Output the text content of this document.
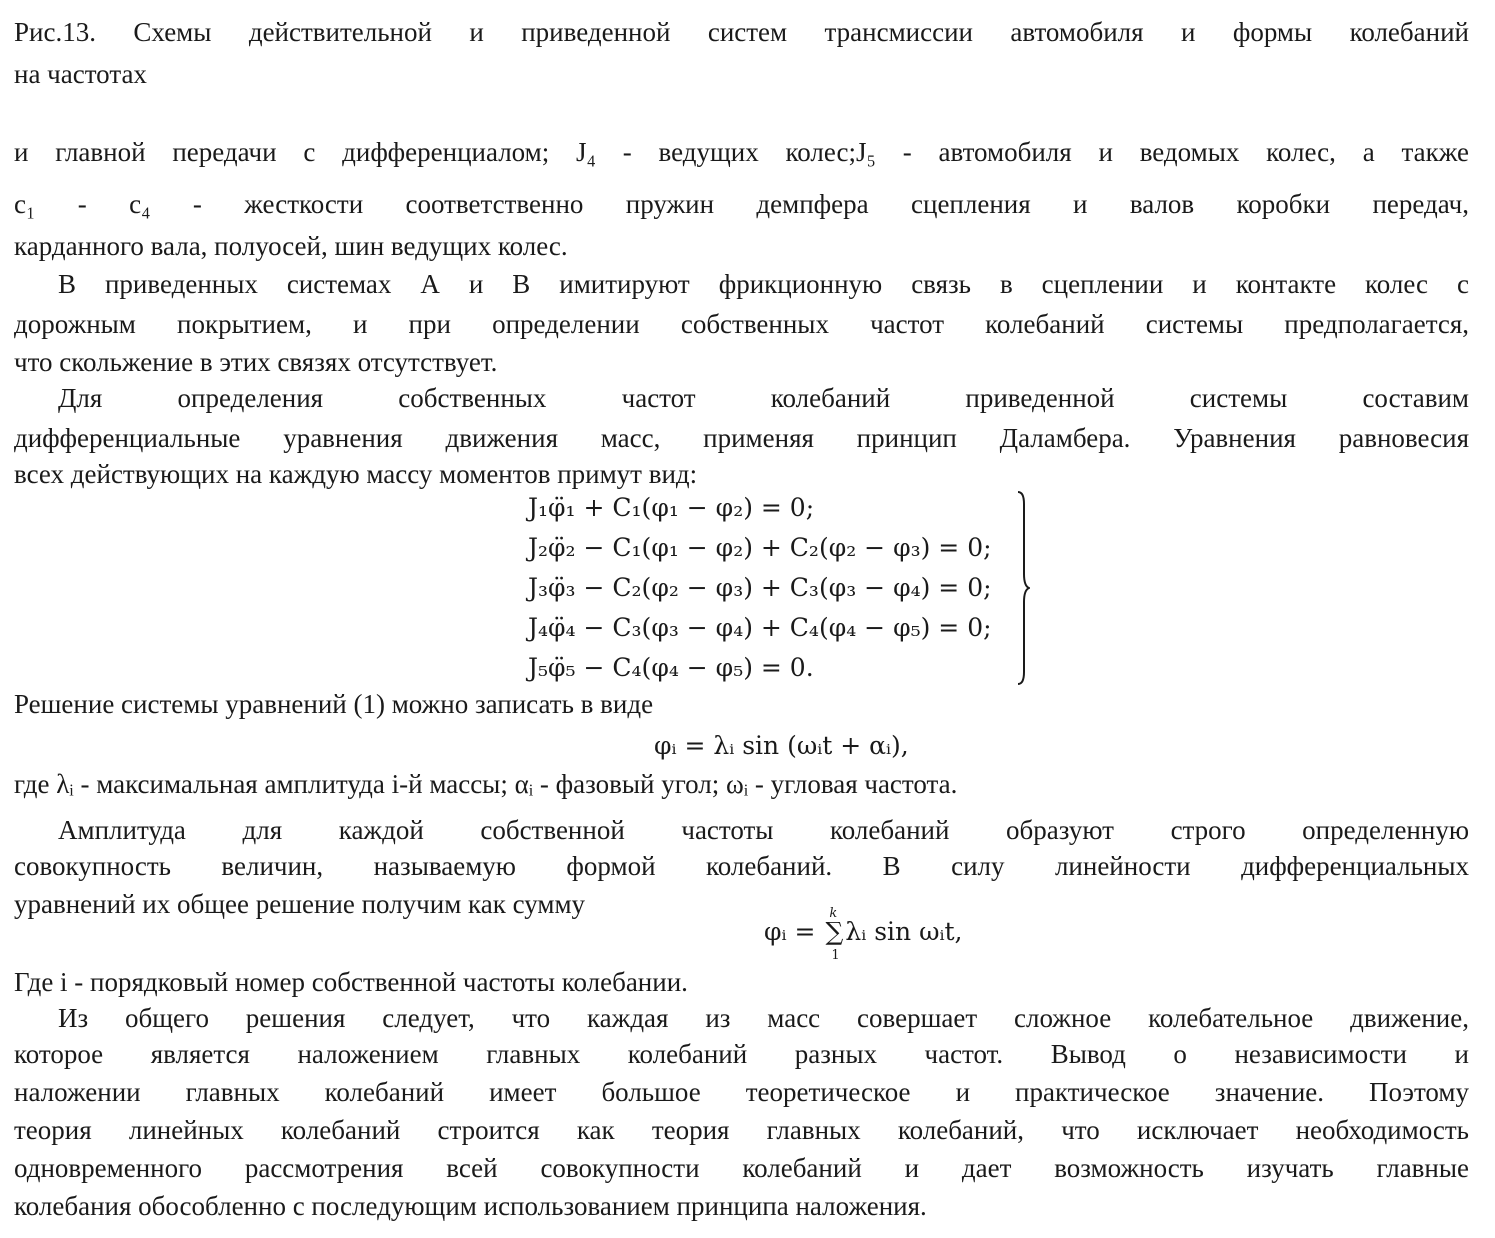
Рис.13. Схемы действительной и приведенной систем трансмиссии автомобиля и формы колебаний
на частотах
и главной передачи с дифференциалом; J₄ - ведущих колес;J₅ - автомобиля и ведомых колес, а также
c₁ - c₄ - жесткости соответственно пружин демпфера сцепления и валов коробки передач,
карданного вала, полуосей, шин ведущих колес.
В приведенных системах А и В имитируют фрикционную связь в сцеплении и контакте колес с
дорожным покрытием, и при определении собственных частот колебаний системы предполагается,
что скольжение в этих связях отсутствует.
Для определения собственных частот колебаний приведенной системы составим
дифференциальные уравнения движения масс, применяя принцип Даламбера. Уравнения равновесия
всех действующих на каждую массу моментов примут вид:
J₁φ̈₁ + C₁(φ₁ − φ₂) = 0;
J₂φ̈₂ − C₁(φ₁ − φ₂) + C₂(φ₂ − φ₃) = 0;
J₃φ̈₃ − C₂(φ₂ − φ₃) + C₃(φ₃ − φ₄) = 0;
J₄φ̈₄ − C₃(φ₃ − φ₄) + C₄(φ₄ − φ₅) = 0;
J₅φ̈₅ − C₄(φ₄ − φ₅) = 0.
Решение системы уравнений (1) можно записать в виде
φᵢ = λᵢ sin (ωᵢt + αᵢ),
где λᵢ - максимальная амплитуда i-й массы; αᵢ - фазовый угол; ωᵢ - угловая частота.
Амплитуда для каждой собственной частоты колебаний образуют строго определенную
совокупность величин, называемую формой колебаний. В силу линейности дифференциальных
уравнений их общее решение получим как сумму
φᵢ =
k
∑
1
λᵢ sin ωᵢt,
Где i - порядковый номер собственной частоты колебании.
Из общего решения следует, что каждая из масс совершает сложное колебательное движение,
которое является наложением главных колебаний разных частот. Вывод о независимости и
наложении главных колебаний имеет большое теоретическое и практическое значение. Поэтому
теория линейных колебаний строится как теория главных колебаний, что исключает необходимость
одновременного рассмотрения всей совокупности колебаний и дает возможность изучать главные
колебания обособленно с последующим использованием принципа наложения.
